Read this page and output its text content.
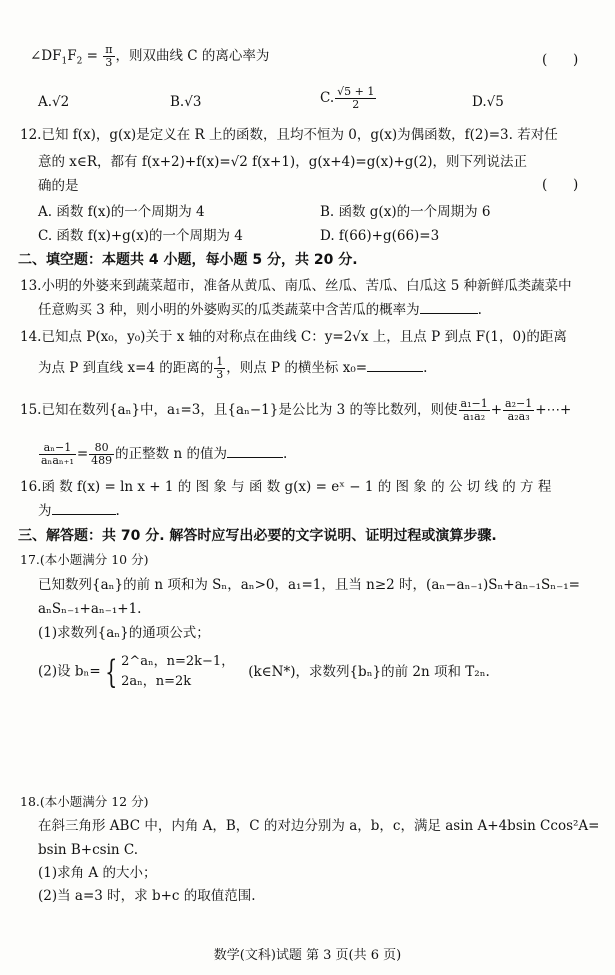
$\angle DF_1F_2 = \frac{\pi}{3}$ ，则双曲线 C 的离心率为	(      )
A.√2	B.√3	C. $\frac{√5 + 1}{2}$	D.√5
12.已知 f(x)，g(x)是定义在 R 上的函数，且均不恒为 0，g(x)为偶函数，f(2)=3. 若对任
意的 x∈R，都有 f(x+2)+f(x)=√2 f(x+1)，g(x+4)=g(x)+g(2)，则下列说法正
确的是	(      )
A. 函数 f(x)的一个周期为 4	B. 函数 g(x)的一个周期为 6
C. 函数 f(x)+g(x)的一个周期为 4	D. f(66)+g(66)=3
二、填空题：本题共 4 小题，每小题 5 分，共 20 分.
13.小明的外婆来到蔬菜超市，准备从黄瓜、南瓜、丝瓜、苦瓜、白瓜这 5 种新鲜瓜类蔬菜中
任意购买 3 种，则小明的外婆购买的瓜类蔬菜中含苦瓜的概率为	.
14.已知点 P(x₀，y₀)关于 x 轴的对称点在曲线 C：y=2√x 上，且点 P 到点 F(1，0)的距离
为点 P 到直线 x=4 的距离的 $\frac{1}{3}$ ，则点 P 的横坐标 x₀=	.
15.已知在数列{aₙ}中，a₁=3，且{aₙ−1}是公比为 3 的等比数列，则使 $\frac{\text{a₁−1}}{\text{a₁a₂}} + \frac{\text{a₂−1}}{\text{a₂a₃}}$ +⋯+
$\frac{\text{aₙ−1}}{\text{aₙaₙ₊₁}} = \frac{80}{489}$ 的正整数 n 的值为	.
16.函 数 f(x) = ln x + 1 的 图 象 与 函 数 g(x) = eˣ − 1 的 图 象 的 公 切 线 的 方 程
为	.
三、解答题：共 70 分. 解答时应写出必要的文字说明、证明过程或演算步骤.
17.(本小题满分 10 分)
已知数列{aₙ}的前 n 项和为 Sₙ，aₙ>0，a₁=1，且当 n≥2 时，(aₙ−aₙ₋₁)Sₙ+aₙ₋₁Sₙ₋₁=
aₙSₙ₋₁+aₙ₋₁+1.
(1)求数列{aₙ}的通项公式；
(2)设 bₙ= { 2^aₙ，n=2k−1，
2aₙ，n=2k
(k∈N*)，求数列{bₙ}的前 2n 项和 T₂ₙ.
18.(本小题满分 12 分)
在斜三角形 ABC 中，内角 A，B，C 的对边分别为 a，b，c，满足 asin A+4bsin Ccos²A=
bsin B+csin C.
(1)求角 A 的大小；
(2)当 a=3 时，求 b+c 的取值范围.
数学(文科)试题 第 3 页(共 6 页)
